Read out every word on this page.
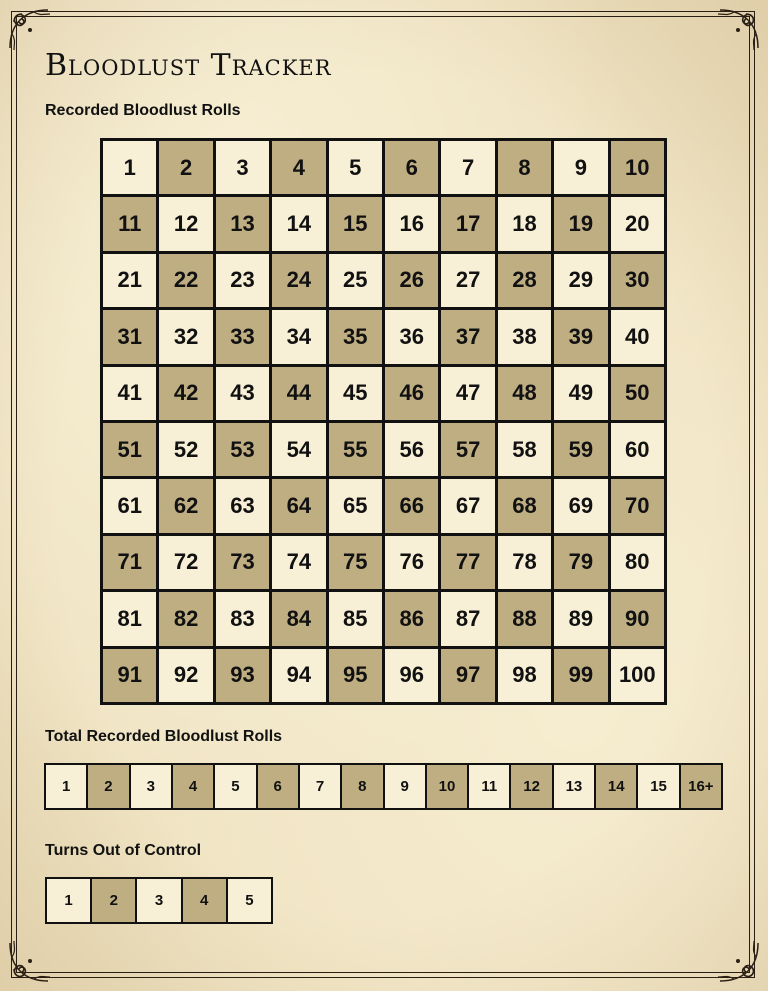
Bloodlust Tracker
Recorded Bloodlust Rolls
1	2	3	4	5	6	7	8	9	10
11	12	13	14	15	16	17	18	19	20
21	22	23	24	25	26	27	28	29	30
31	32	33	34	35	36	37	38	39	40
41	42	43	44	45	46	47	48	49	50
51	52	53	54	55	56	57	58	59	60
61	62	63	64	65	66	67	68	69	70
71	72	73	74	75	76	77	78	79	80
81	82	83	84	85	86	87	88	89	90
91	92	93	94	95	96	97	98	99	100
Total Recorded Bloodlust Rolls
1	2	3	4	5	6	7	8	9	10	11	12	13	14	15	16+
Turns Out of Control
1	2	3	4	5
